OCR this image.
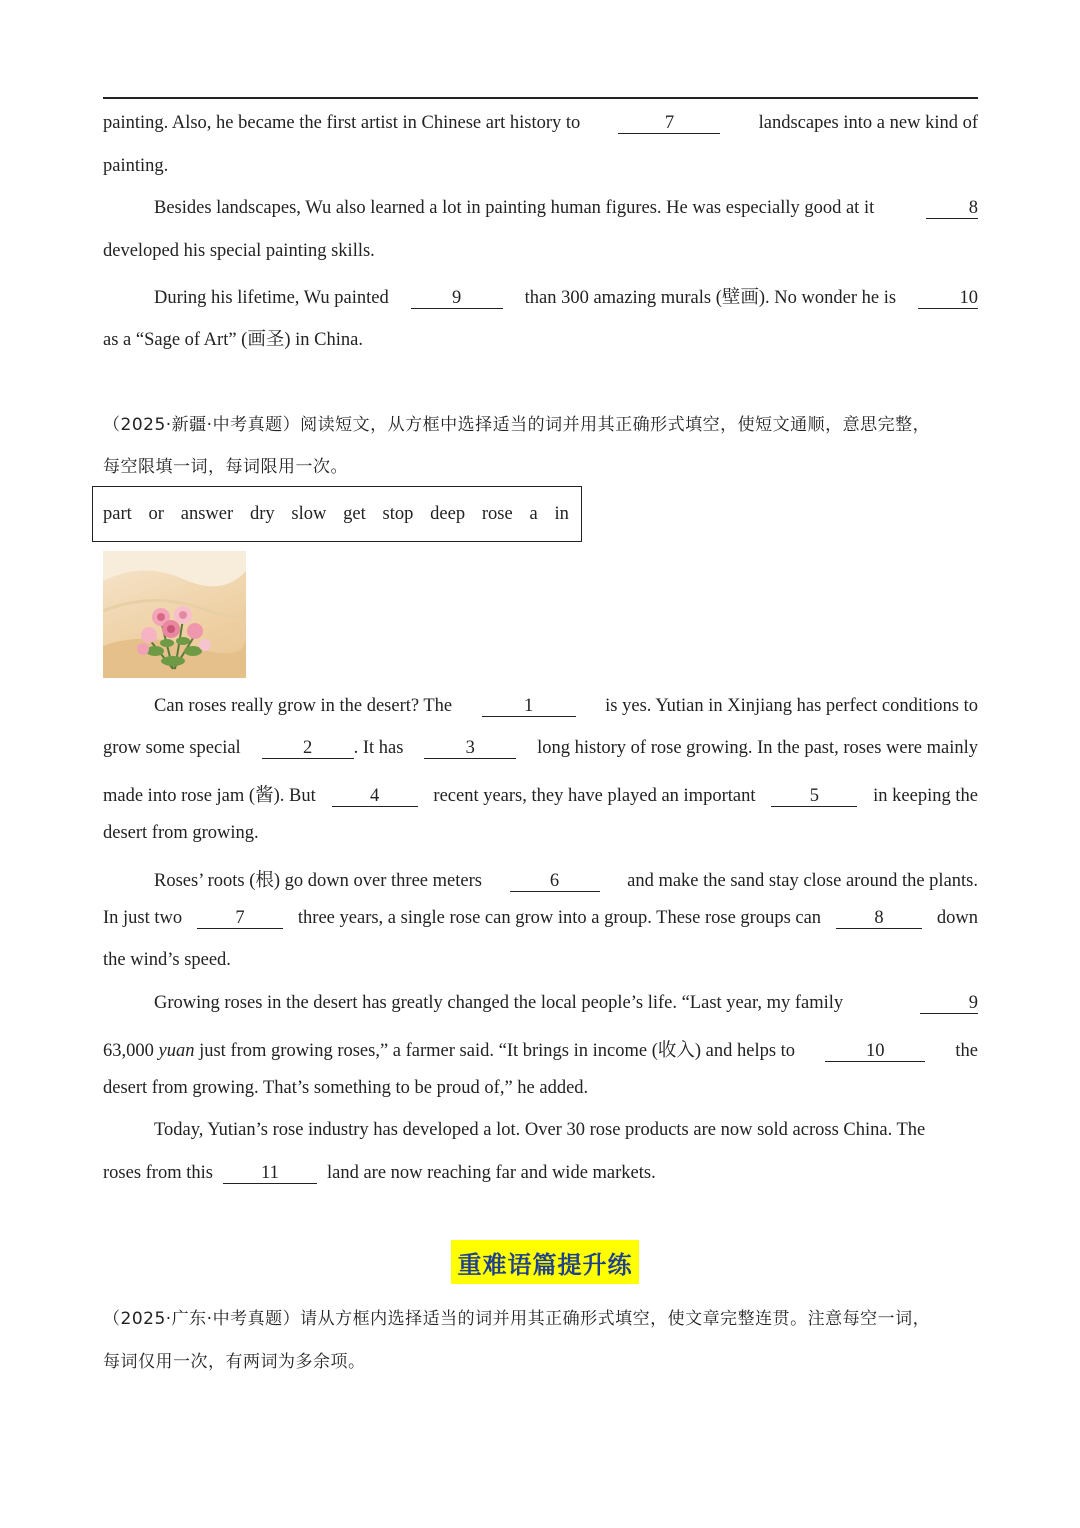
painting. Also, he became the first artist in Chinese art history to	7	landscapes into a new kind of
painting.
Besides landscapes, Wu also learned a lot in painting human figures. He was especially good at it	8
developed his special painting skills.
During his lifetime, Wu painted	9	than 300 amazing murals (壁画). No wonder he is	10
as a “Sage of Art” (画圣) in China.
（2025·新疆·中考真题）阅读短文，从方框中选择适当的词并用其正确形式填空，使短文通顺，意思完整，
每空限填一词，每词限用一次。
part or answer dry slow get stop deep rose a in
Can roses really grow in the desert? The	1	is yes. Yutian in Xinjiang has perfect conditions to
grow some special	2	. It has	3	long history of rose growing. In the past, roses were mainly
made into rose jam (酱). But	4	recent years, they have played an important	5	in keeping the
desert from growing.
Roses’ roots (根) go down over three meters	6	and make the sand stay close around the plants.
In just two	7	three years, a single rose can grow into a group. These rose groups can	8	down
the wind’s speed.
Growing roses in the desert has greatly changed the local people’s life. “Last year, my family	9
63,000 yuan just from growing roses,” a farmer said. “It brings in income (收入) and helps to	10	the
desert from growing. That’s something to be proud of,” he added.
Today, Yutian’s rose industry has developed a lot. Over 30 rose products are now sold across China. The
roses from this	11	land are now reaching far and wide markets.
重难语篇提升练
（2025·广东·中考真题）请从方框内选择适当的词并用其正确形式填空，使文章完整连贯。注意每空一词，
每词仅用一次，有两词为多余项。
